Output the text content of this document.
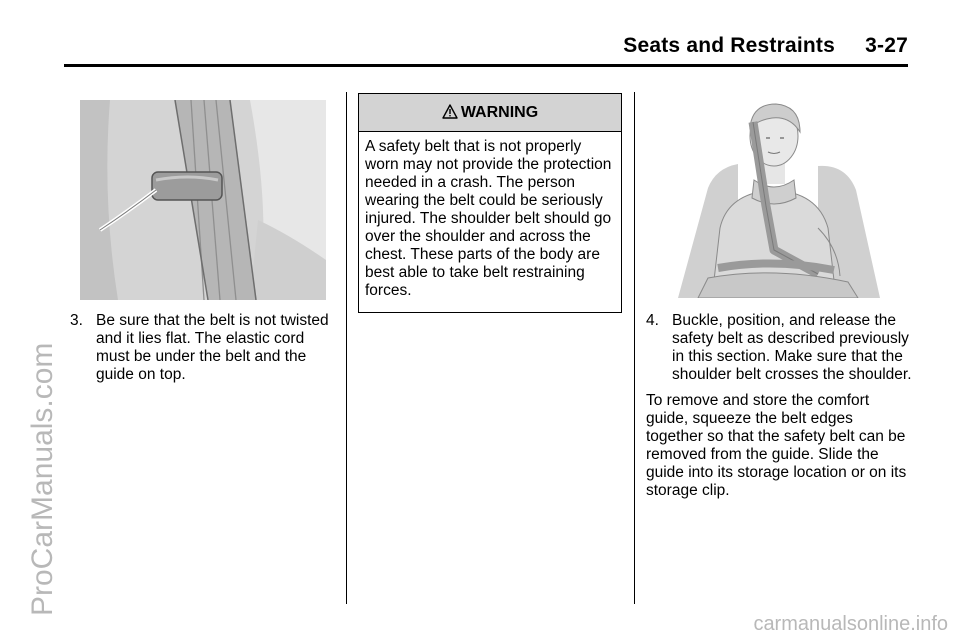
Seats and Restraints     3-27
3. Be sure that the belt is not twisted and it lies flat. The elastic cord must be under the belt and the guide on top.
WARNING
A safety belt that is not properly worn may not provide the protection needed in a crash. The person wearing the belt could be seriously injured. The shoulder belt should go over the shoulder and across the chest. These parts of the body are best able to take belt restraining forces.
4. Buckle, position, and release the safety belt as described previously in this section. Make sure that the shoulder belt crosses the shoulder.
To remove and store the comfort guide, squeeze the belt edges together so that the safety belt can be removed from the guide. Slide the guide into its storage location or on its storage clip.
ProCarManuals.com
carmanualsonline.info
